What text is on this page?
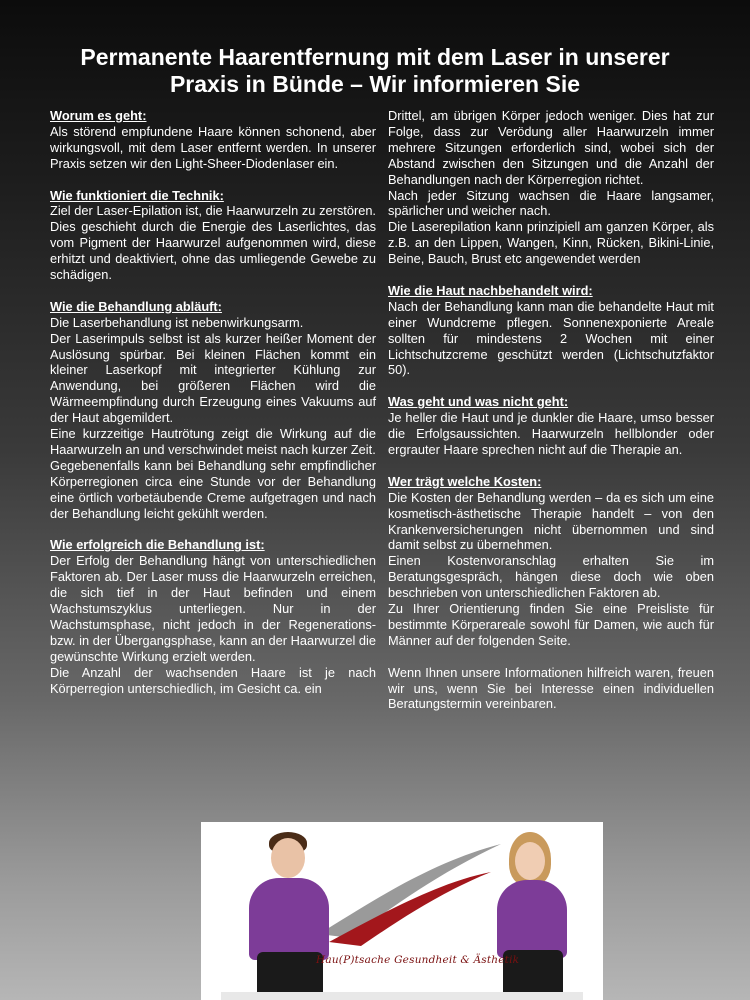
Permanente Haarentfernung mit dem Laser in unserer
Praxis in Bünde – Wir informieren Sie
Worum es geht:
Als störend empfundene Haare können schonend, aber wirkungsvoll, mit dem Laser entfernt werden. In unserer Praxis setzen wir den Light-Sheer-Diodenlaser ein.
Wie funktioniert die Technik:
Ziel der Laser-Epilation ist, die Haarwurzeln zu zerstören. Dies geschieht durch die Energie des Laserlichtes, das vom Pigment der Haarwurzel aufgenommen wird, diese erhitzt und deaktiviert, ohne das umliegende Gewebe zu schädigen.
Wie die Behandlung abläuft:
Die Laserbehandlung ist nebenwirkungsarm.
Der Laserimpuls selbst ist als kurzer heißer Moment der Auslösung spürbar. Bei kleinen Flächen kommt ein kleiner Laserkopf mit integrierter Kühlung zur Anwendung, bei größeren Flächen wird die Wärmeempfindung durch Erzeugung eines Vakuums auf der Haut abgemildert.
Eine kurzzeitige Hautrötung zeigt die Wirkung auf die Haarwurzeln an und verschwindet meist nach kurzer Zeit.
Gegebenenfalls kann bei Behandlung sehr empfindlicher Körperregionen circa eine Stunde vor der Behandlung eine örtlich vorbetäubende Creme aufgetragen und nach der Behandlung leicht gekühlt werden.
Wie erfolgreich die Behandlung ist:
Der Erfolg der Behandlung hängt von unterschiedlichen Faktoren ab. Der Laser muss die Haarwurzeln erreichen, die sich tief in der Haut befinden und einem Wachstumszyklus unterliegen. Nur in der Wachstumsphase, nicht jedoch in der Regenerations- bzw. in der Übergangsphase, kann an der Haarwurzel die gewünschte Wirkung erzielt werden.
Die Anzahl der wachsenden Haare ist je nach Körperregion unterschiedlich, im Gesicht ca. ein
Drittel, am übrigen Körper jedoch weniger. Dies hat zur Folge, dass zur Verödung aller Haarwurzeln immer mehrere Sitzungen erforderlich sind, wobei sich der Abstand zwischen den Sitzungen und die Anzahl der Behandlungen nach der Körperregion richtet.
Nach jeder Sitzung wachsen die Haare langsamer, spärlicher und weicher nach.
Die Laserepilation kann prinzipiell am ganzen Körper, als z.B. an den Lippen, Wangen, Kinn, Rücken, Bikini-Linie, Beine, Bauch, Brust etc angewendet werden
Wie die Haut nachbehandelt wird:
Nach der Behandlung kann man die behandelte Haut mit einer Wundcreme pflegen. Sonnenexponierte Areale sollten für mindestens 2 Wochen mit einer Lichtschutzcreme geschützt werden (Lichtschutzfaktor 50).
Was geht und was nicht geht:
Je heller die Haut und je dunkler die Haare, umso besser die Erfolgsaussichten. Haarwurzeln hellblonder oder ergrauter Haare sprechen nicht auf die Therapie an.
Wer trägt welche Kosten:
Die Kosten der Behandlung werden – da es sich um eine kosmetisch-ästhetische Therapie handelt – von den Krankenversicherungen nicht übernommen und sind damit selbst zu übernehmen.
Einen Kostenvoranschlag erhalten Sie im Beratungsgespräch, hängen diese doch wie oben beschrieben von unterschiedlichen Faktoren ab.
Zu Ihrer Orientierung finden Sie eine Preisliste für bestimmte Körperareale sowohl für Damen, wie auch für Männer auf der folgenden Seite.
Wenn Ihnen unsere Informationen hilfreich waren, freuen wir uns, wenn Sie bei Interesse einen individuellen Beratungstermin vereinbaren.
Hau(P)tsache Gesundheit & Ästhetik
